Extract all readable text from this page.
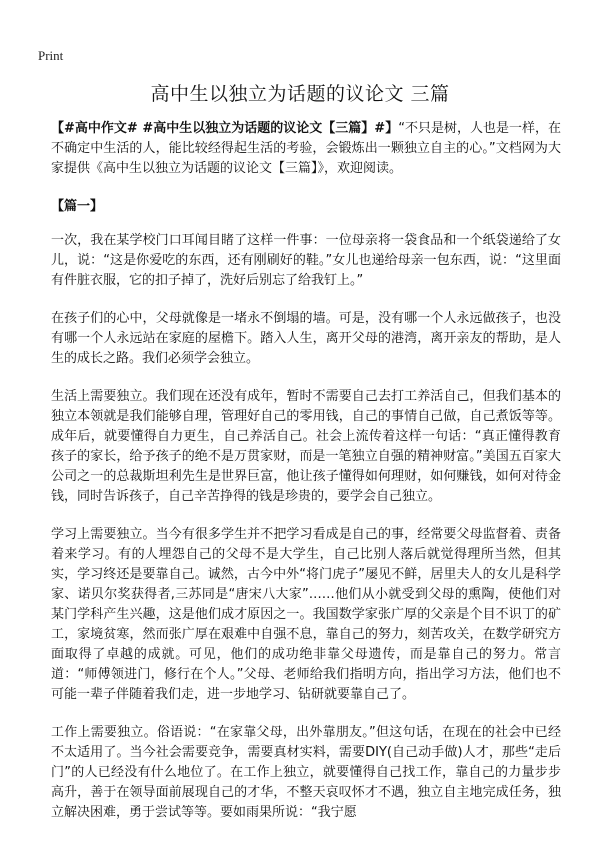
Print
高中生以独立为话题的议论文 三篇

【#高中作文# #高中生以独立为话题的议论文【三篇】#】“不只是树，人也是一样，在不确定中生活的人，能比较经得起生活的考验，会锻炼出一颗独立自主的心。”文档网为大家提供《高中生以独立为话题的议论文【三篇】》，欢迎阅读。

【篇一】

一次，我在某学校门口耳闻目睹了这样一件事：一位母亲将一袋食品和一个纸袋递给了女儿，说：“这是你爱吃的东西，还有刚刷好的鞋。”女儿也递给母亲一包东西，说：“这里面有件脏衣服，它的扣子掉了，洗好后别忘了给我钉上。”

在孩子们的心中，父母就像是一堵永不倒塌的墙。可是，没有哪一个人永远做孩子，也没有哪一个人永远站在家庭的屋檐下。踏入人生，离开父母的港湾，离开亲友的帮助，是人生的成长之路。我们必须学会独立。

生活上需要独立。我们现在还没有成年，暂时不需要自己去打工养活自己，但我们基本的独立本领就是我们能够自理，管理好自己的零用钱，自己的事情自己做，自己煮饭等等。成年后，就要懂得自力更生，自己养活自己。社会上流传着这样一句话：“真正懂得教育孩子的家长，给予孩子的绝不是万贯家财，而是一笔独立自强的精神财富。”美国五百家大公司之一的总裁斯坦利先生是世界巨富，他让孩子懂得如何理财，如何赚钱，如何对待金钱，同时告诉孩子，自己辛苦挣得的钱是珍贵的，要学会自己独立。

学习上需要独立。当今有很多学生并不把学习看成是自己的事，经常要父母监督着、责备着来学习。有的人埋怨自己的父母不是大学生，自己比别人落后就觉得理所当然，但其实，学习终还是要靠自己。诚然，古今中外“将门虎子”屡见不鲜，居里夫人的女儿是科学家、诺贝尔奖获得者,三苏同是“唐宋八大家”……他们从小就受到父母的熏陶，使他们对某门学科产生兴趣，这是他们成才原因之一。我国数学家张广厚的父亲是个目不识丁的矿工，家境贫寒，然而张广厚在艰难中自强不息，靠自己的努力，刻苦攻关，在数学研究方面取得了卓越的成就。可见，他们的成功绝非靠父母遗传，而是靠自己的努力。常言道：“师傅领进门，修行在个人。”父母、老师给我们指明方向，指出学习方法，他们也不可能一辈子伴随着我们走，进一步地学习、钻研就要靠自己了。

工作上需要独立。俗语说：“在家靠父母，出外靠朋友。”但这句话，在现在的社会中已经不太适用了。当今社会需要竞争，需要真材实料，需要DIY(自己动手做)人才，那些“走后门”的人已经没有什么地位了。在工作上独立，就要懂得自己找工作，靠自己的力量步步高升，善于在领导面前展现自己的才华，不整天哀叹怀才不遇，独立自主地完成任务，独立解决困难，勇于尝试等等。要如雨果所说：“我宁愿
